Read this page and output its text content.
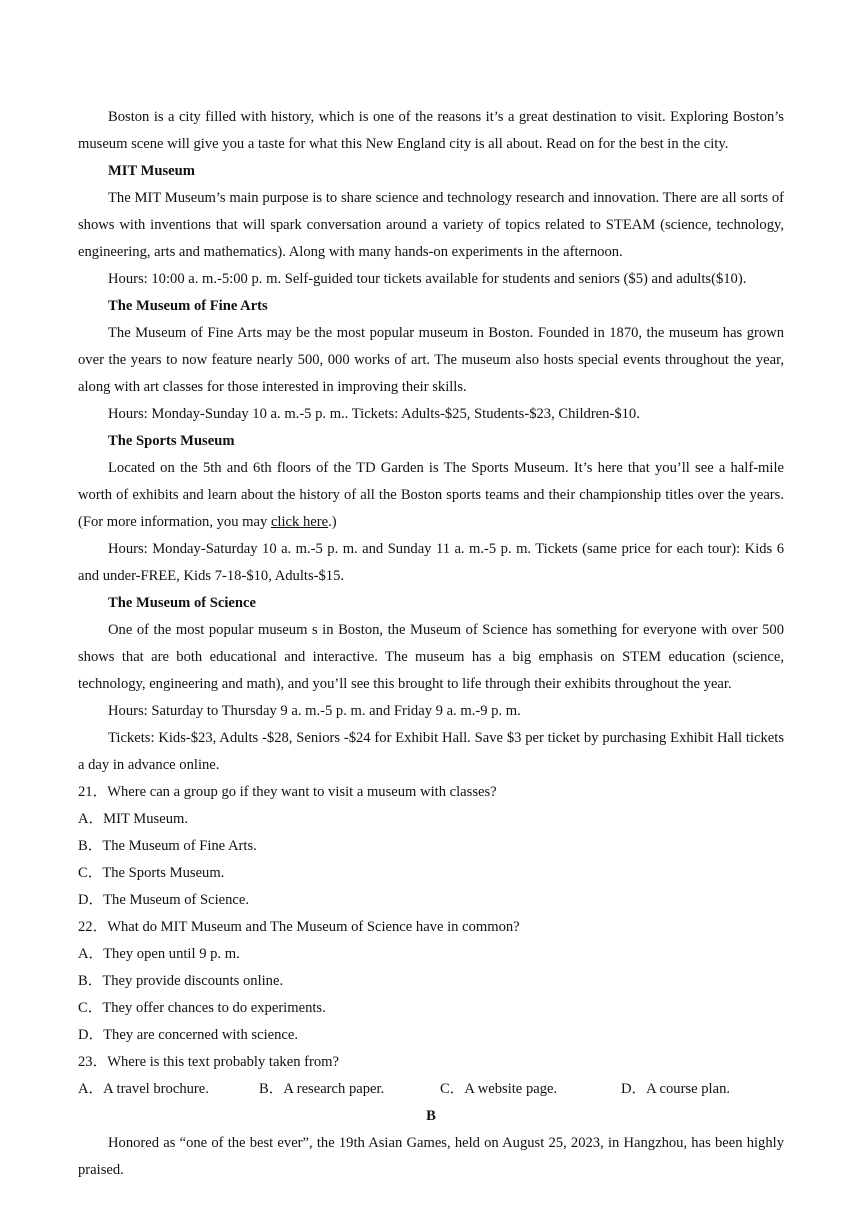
Boston is a city filled with history, which is one of the reasons it’s a great destination to visit. Exploring Boston’s museum scene will give you a taste for what this New England city is all about. Read on for the best in the city.

MIT Museum

The MIT Museum’s main purpose is to share science and technology research and innovation. There are all sorts of shows with inventions that will spark conversation around a variety of topics related to STEAM (science, technology, engineering, arts and mathematics). Along with many hands-on experiments in the afternoon.

Hours: 10:00 a. m.-5:00 p. m. Self-guided tour tickets available for students and seniors ($5) and adults($10).

The Museum of Fine Arts

The Museum of Fine Arts may be the most popular museum in Boston. Founded in 1870, the museum has grown over the years to now feature nearly 500, 000 works of art. The museum also hosts special events throughout the year, along with art classes for those interested in improving their skills.

Hours: Monday-Sunday 10 a. m.-5 p. m.. Tickets: Adults-$25, Students-$23, Children-$10.

The Sports Museum

Located on the 5th and 6th floors of the TD Garden is The Sports Museum. It’s here that you’ll see a half-mile worth of exhibits and learn about the history of all the Boston sports teams and their championship titles over the years. (For more information, you may click here.)

Hours: Monday-Saturday 10 a. m.-5 p. m. and Sunday 11 a. m.-5 p. m. Tickets (same price for each tour): Kids 6 and under-FREE, Kids 7-18-$10, Adults-$15.

The Museum of Science

One of the most popular museum s in Boston, the Museum of Science has something for everyone with over 500 shows that are both educational and interactive. The museum has a big emphasis on STEM education (science, technology, engineering and math), and you’ll see this brought to life through their exhibits throughout the year.

Hours: Saturday to Thursday 9 a. m.-5 p. m. and Friday 9 a. m.-9 p. m.

Tickets: Kids-$23, Adults -$28, Seniors -$24 for Exhibit Hall. Save $3 per ticket by purchasing Exhibit Hall tickets a day in advance online.

21．Where can a group go if they want to visit a museum with classes?

A．MIT Museum.
B．The Museum of Fine Arts.
C．The Sports Museum.
D．The Museum of Science.

22．What do MIT Museum and The Museum of Science have in common?

A．They open until 9 p. m.
B．They provide discounts online.
C．They offer chances to do experiments.
D．They are concerned with science.

23．Where is this text probably taken from?

A．A travel brochure.	B．A research paper.	C．A website page.	D．A course plan.

B

Honored as “one of the best ever”, the 19th Asian Games, held on August 25, 2023, in Hangzhou, has been highly praised.
